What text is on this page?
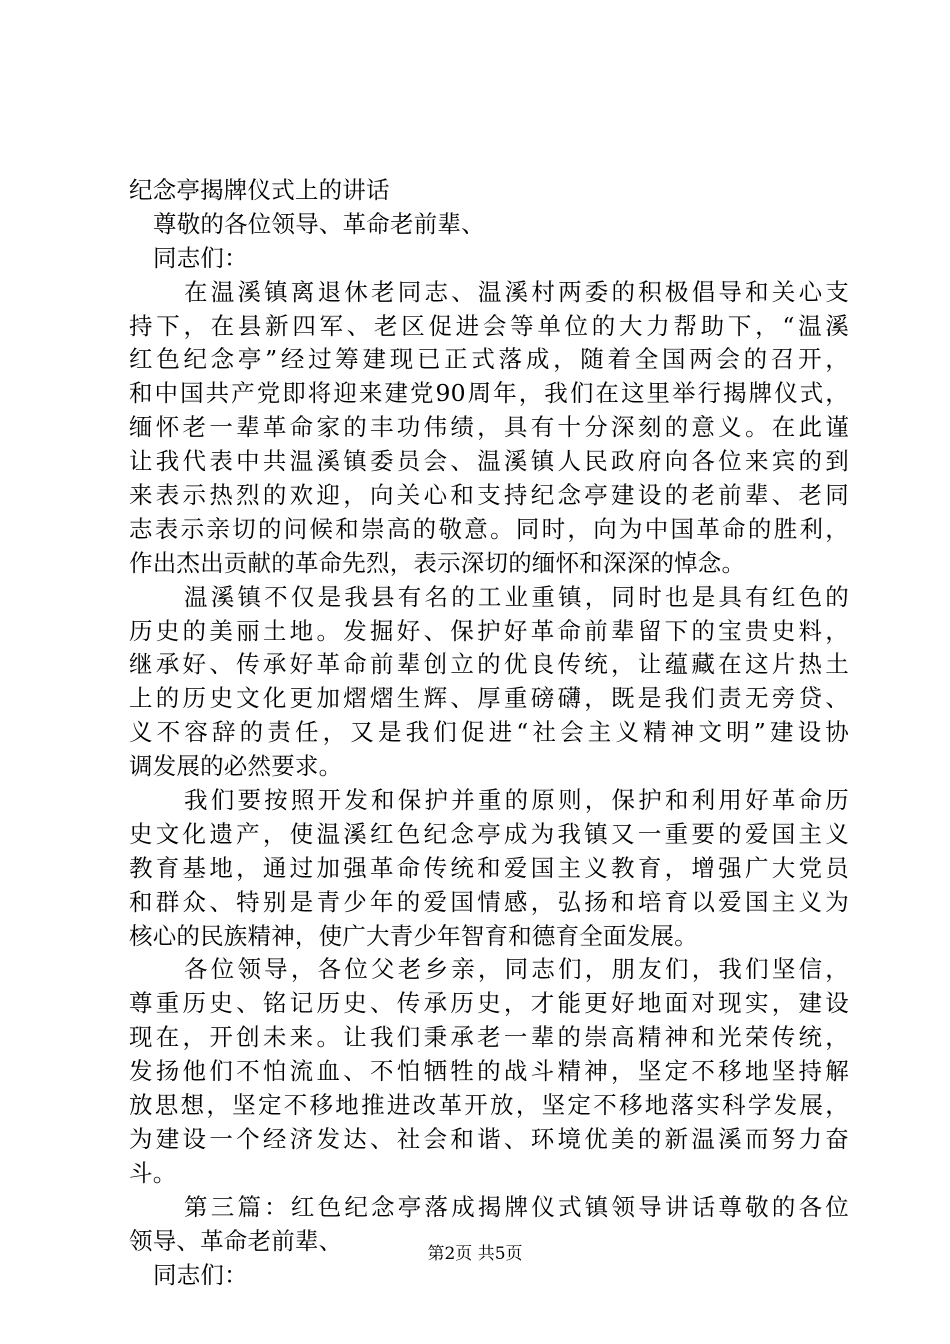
纪念亭揭牌仪式上的讲话
尊敬的各位领导、革命老前辈、
同志们：
在温溪镇离退休老同志、温溪村两委的积极倡导和关心支
持下，在县新四军、老区促进会等单位的大力帮助下，“温溪
红色纪念亭”经过筹建现已正式落成，随着全国两会的召开，
和中国共产党即将迎来建党90周年，我们在这里举行揭牌仪式，
缅怀老一辈革命家的丰功伟绩，具有十分深刻的意义。在此谨
让我代表中共温溪镇委员会、温溪镇人民政府向各位来宾的到
来表示热烈的欢迎，向关心和支持纪念亭建设的老前辈、老同
志表示亲切的问候和崇高的敬意。同时，向为中国革命的胜利，
作出杰出贡献的革命先烈，表示深切的缅怀和深深的悼念。
温溪镇不仅是我县有名的工业重镇，同时也是具有红色的
历史的美丽土地。发掘好、保护好革命前辈留下的宝贵史料，
继承好、传承好革命前辈创立的优良传统，让蕴藏在这片热土
上的历史文化更加熠熠生辉、厚重磅礴，既是我们责无旁贷、
义不容辞的责任，又是我们促进“社会主义精神文明”建设协
调发展的必然要求。
我们要按照开发和保护并重的原则，保护和利用好革命历
史文化遗产，使温溪红色纪念亭成为我镇又一重要的爱国主义
教育基地，通过加强革命传统和爱国主义教育，增强广大党员
和群众、特别是青少年的爱国情感，弘扬和培育以爱国主义为
核心的民族精神，使广大青少年智育和德育全面发展。
各位领导，各位父老乡亲，同志们，朋友们，我们坚信，
尊重历史、铭记历史、传承历史，才能更好地面对现实，建设
现在，开创未来。让我们秉承老一辈的崇高精神和光荣传统，
发扬他们不怕流血、不怕牺牲的战斗精神，坚定不移地坚持解
放思想，坚定不移地推进改革开放，坚定不移地落实科学发展，
为建设一个经济发达、社会和谐、环境优美的新温溪而努力奋
斗。
第三篇：红色纪念亭落成揭牌仪式镇领导讲话尊敬的各位
领导、革命老前辈、
同志们：
第2页 共5页
